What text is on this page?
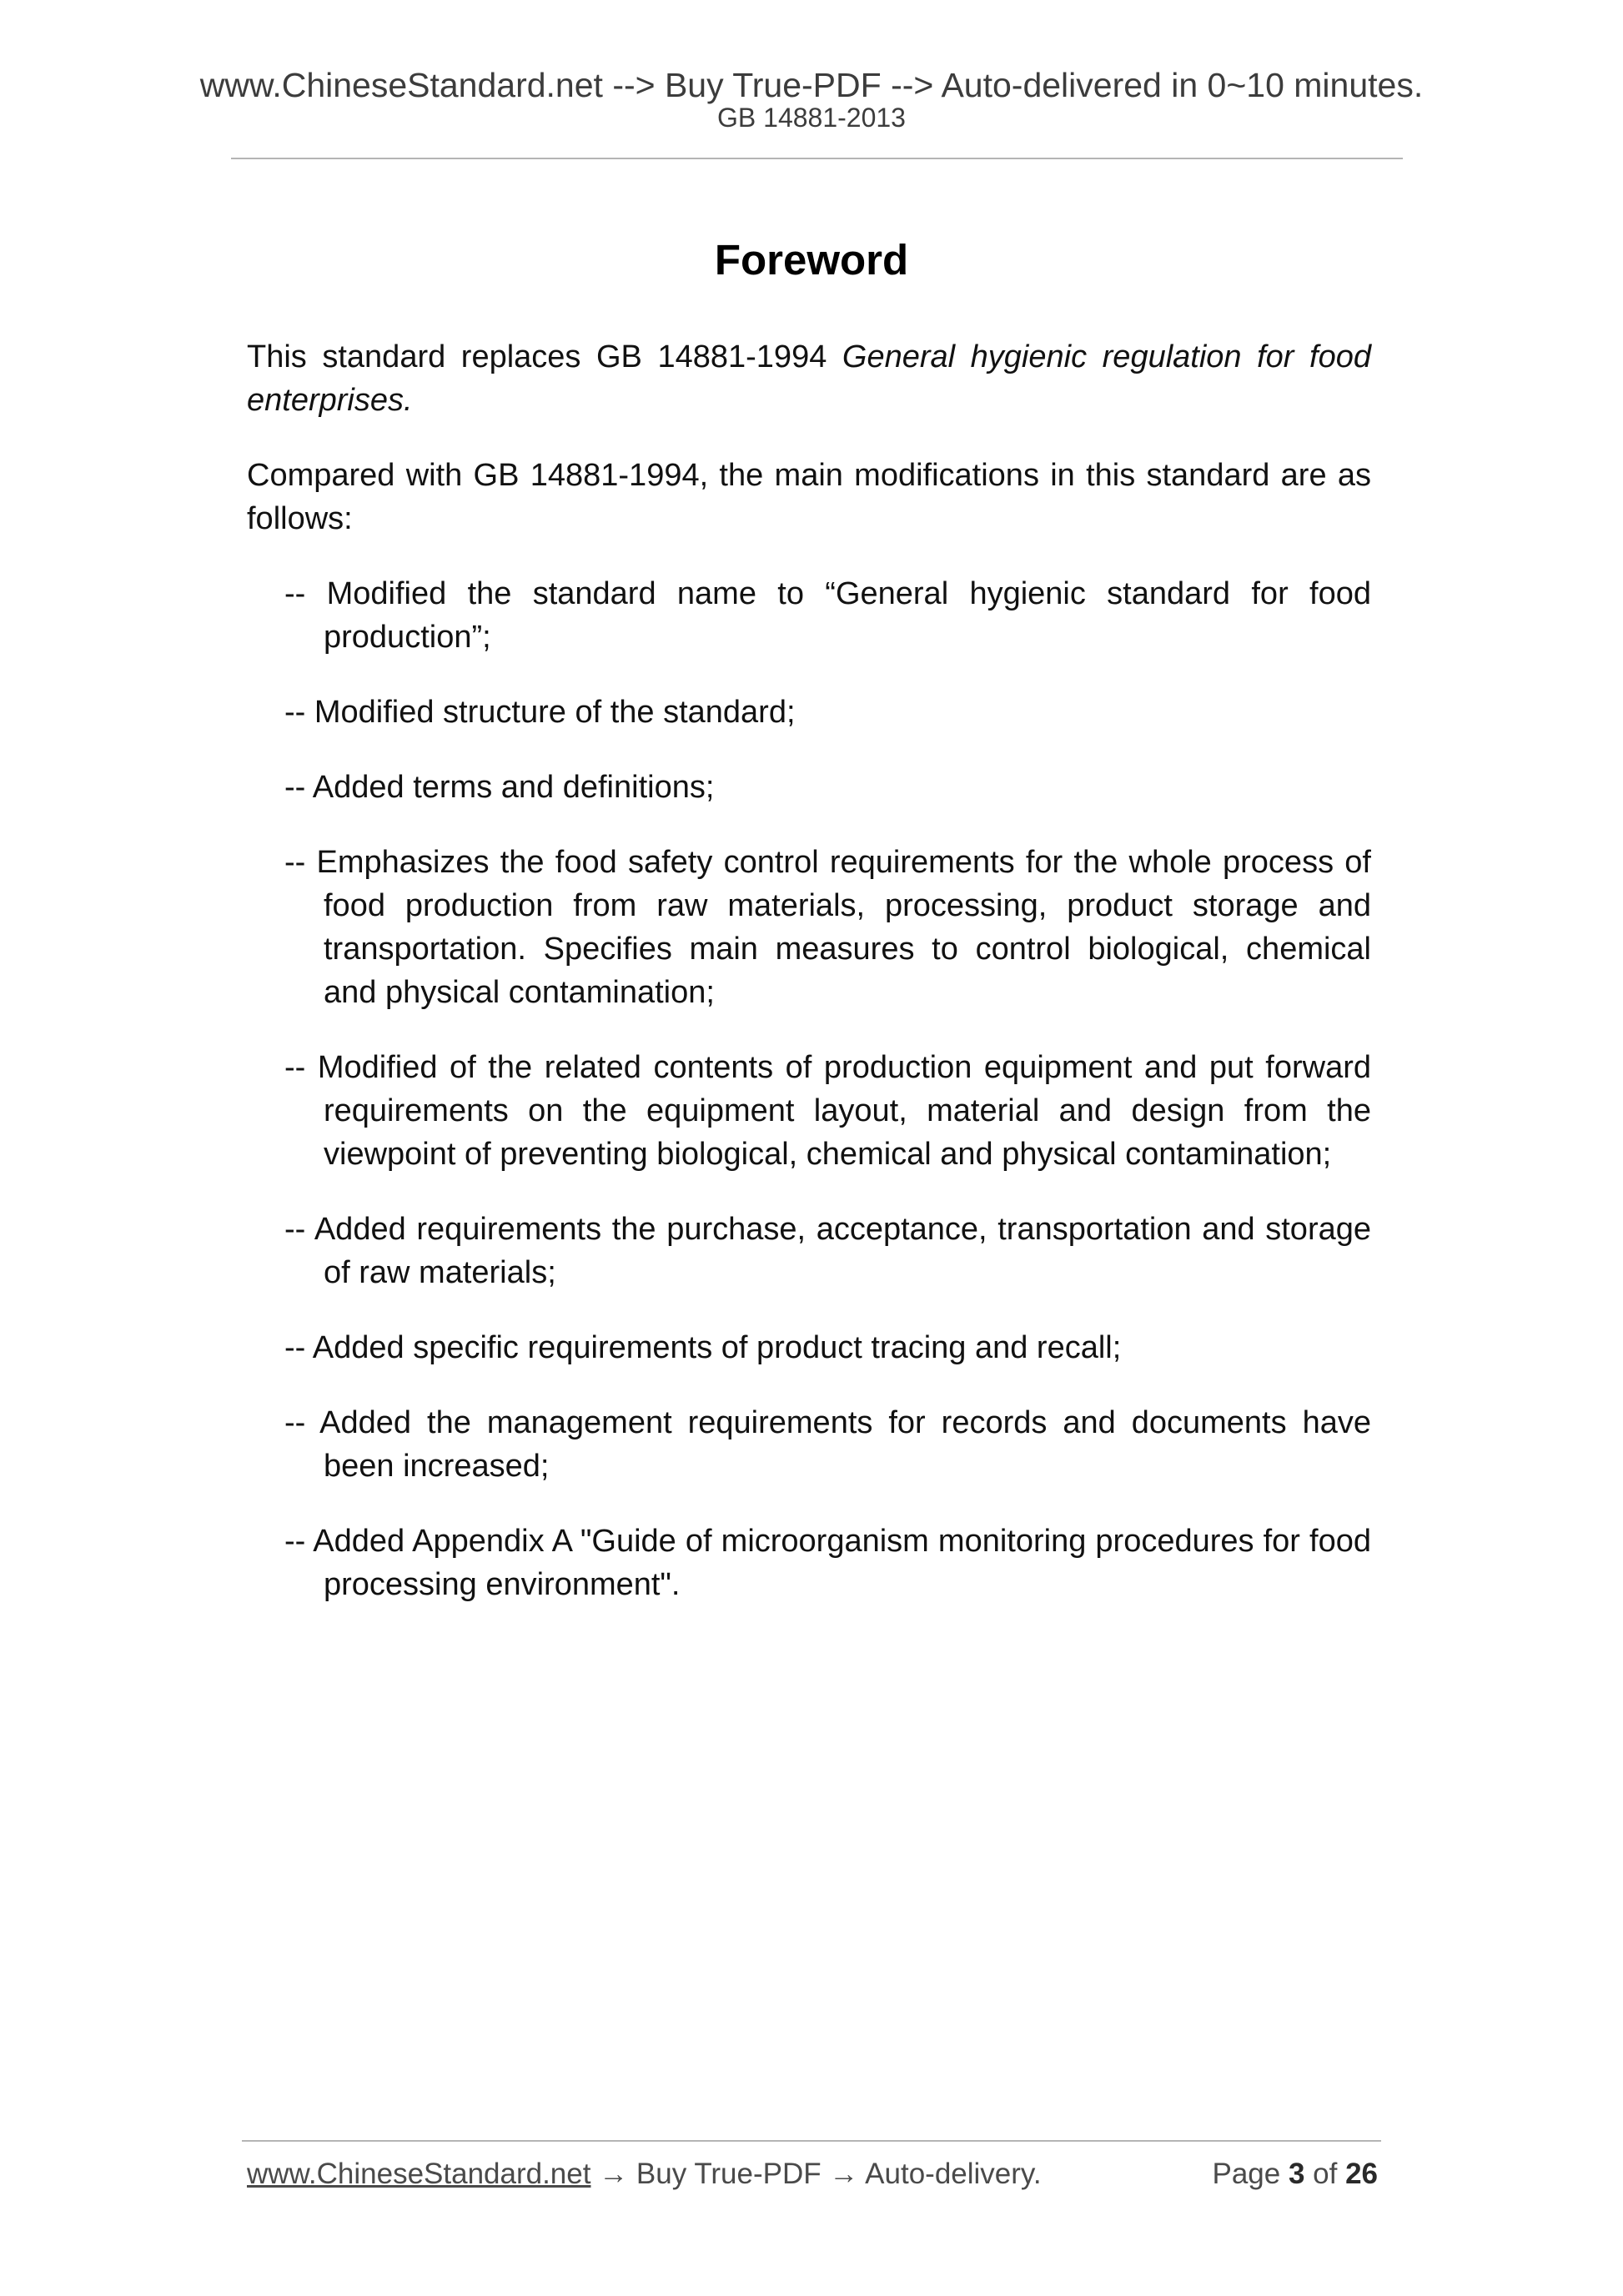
www.ChineseStandard.net --> Buy True-PDF --> Auto-delivered in 0~10 minutes.
GB 14881-2013
Foreword

This standard replaces GB 14881-1994 General hygienic regulation for food enterprises.

Compared with GB 14881-1994, the main modifications in this standard are as follows:

-- Modified the standard name to “General hygienic standard for food production”;

-- Modified structure of the standard;

-- Added terms and definitions;

-- Emphasizes the food safety control requirements for the whole process of food production from raw materials, processing, product storage and transportation. Specifies main measures to control biological, chemical and physical contamination;

-- Modified of the related contents of production equipment and put forward requirements on the equipment layout, material and design from the viewpoint of preventing biological, chemical and physical contamination;

-- Added requirements the purchase, acceptance, transportation and storage of raw materials;

-- Added specific requirements of product tracing and recall;

-- Added the management requirements for records and documents have been increased;

-- Added Appendix A "Guide of microorganism monitoring procedures for food processing environment".

www.ChineseStandard.net → Buy True-PDF → Auto-delivery.	Page 3 of 26
